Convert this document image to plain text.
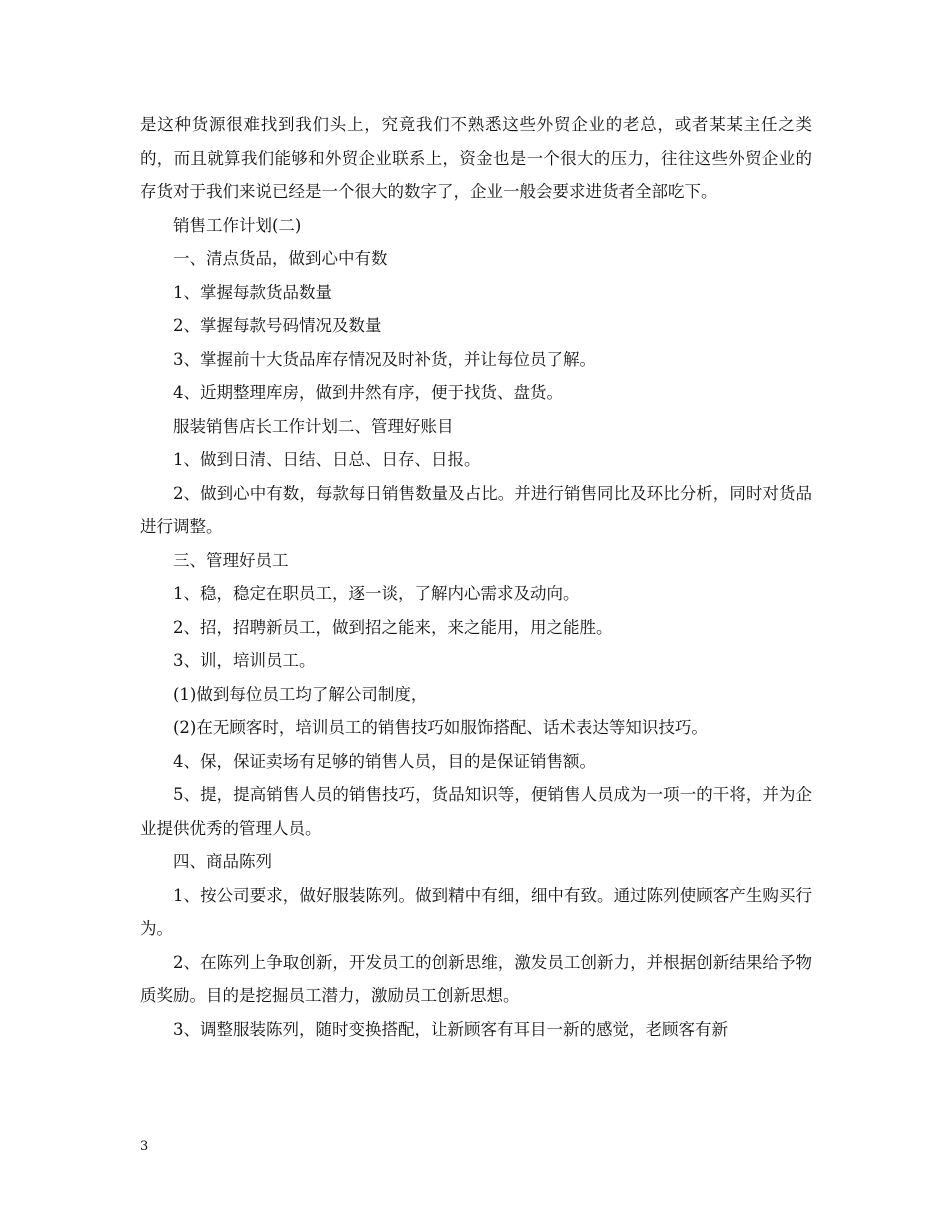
是这种货源很难找到我们头上，究竟我们不熟悉这些外贸企业的老总，或者某某主任之类的，而且就算我们能够和外贸企业联系上，资金也是一个很大的压力，往往这些外贸企业的存货对于我们来说已经是一个很大的数字了，企业一般会要求进货者全部吃下。

销售工作计划(二)

一、清点货品，做到心中有数

1、掌握每款货品数量

2、掌握每款号码情况及数量

3、掌握前十大货品库存情况及时补货，并让每位员了解。

4、近期整理库房，做到井然有序，便于找货、盘货。

服装销售店长工作计划二、管理好账目

1、做到日清、日结、日总、日存、日报。

2、做到心中有数，每款每日销售数量及占比。并进行销售同比及环比分析，同时对货品进行调整。

三、管理好员工

1、稳，稳定在职员工，逐一谈，了解内心需求及动向。

2、招，招聘新员工，做到招之能来，来之能用，用之能胜。

3、训，培训员工。

(1)做到每位员工均了解公司制度，

(2)在无顾客时，培训员工的销售技巧如服饰搭配、话术表达等知识技巧。

4、保，保证卖场有足够的销售人员，目的是保证销售额。

5、提，提高销售人员的销售技巧，货品知识等，便销售人员成为一项一的干将，并为企业提供优秀的管理人员。

四、商品陈列

1、按公司要求，做好服装陈列。做到精中有细，细中有致。通过陈列使顾客产生购买行为。

2、在陈列上争取创新，开发员工的创新思维，激发员工创新力，并根据创新结果给予物质奖励。目的是挖掘员工潜力，激励员工创新思想。

3、调整服装陈列，随时变换搭配，让新顾客有耳目一新的感觉，老顾客有新

3
